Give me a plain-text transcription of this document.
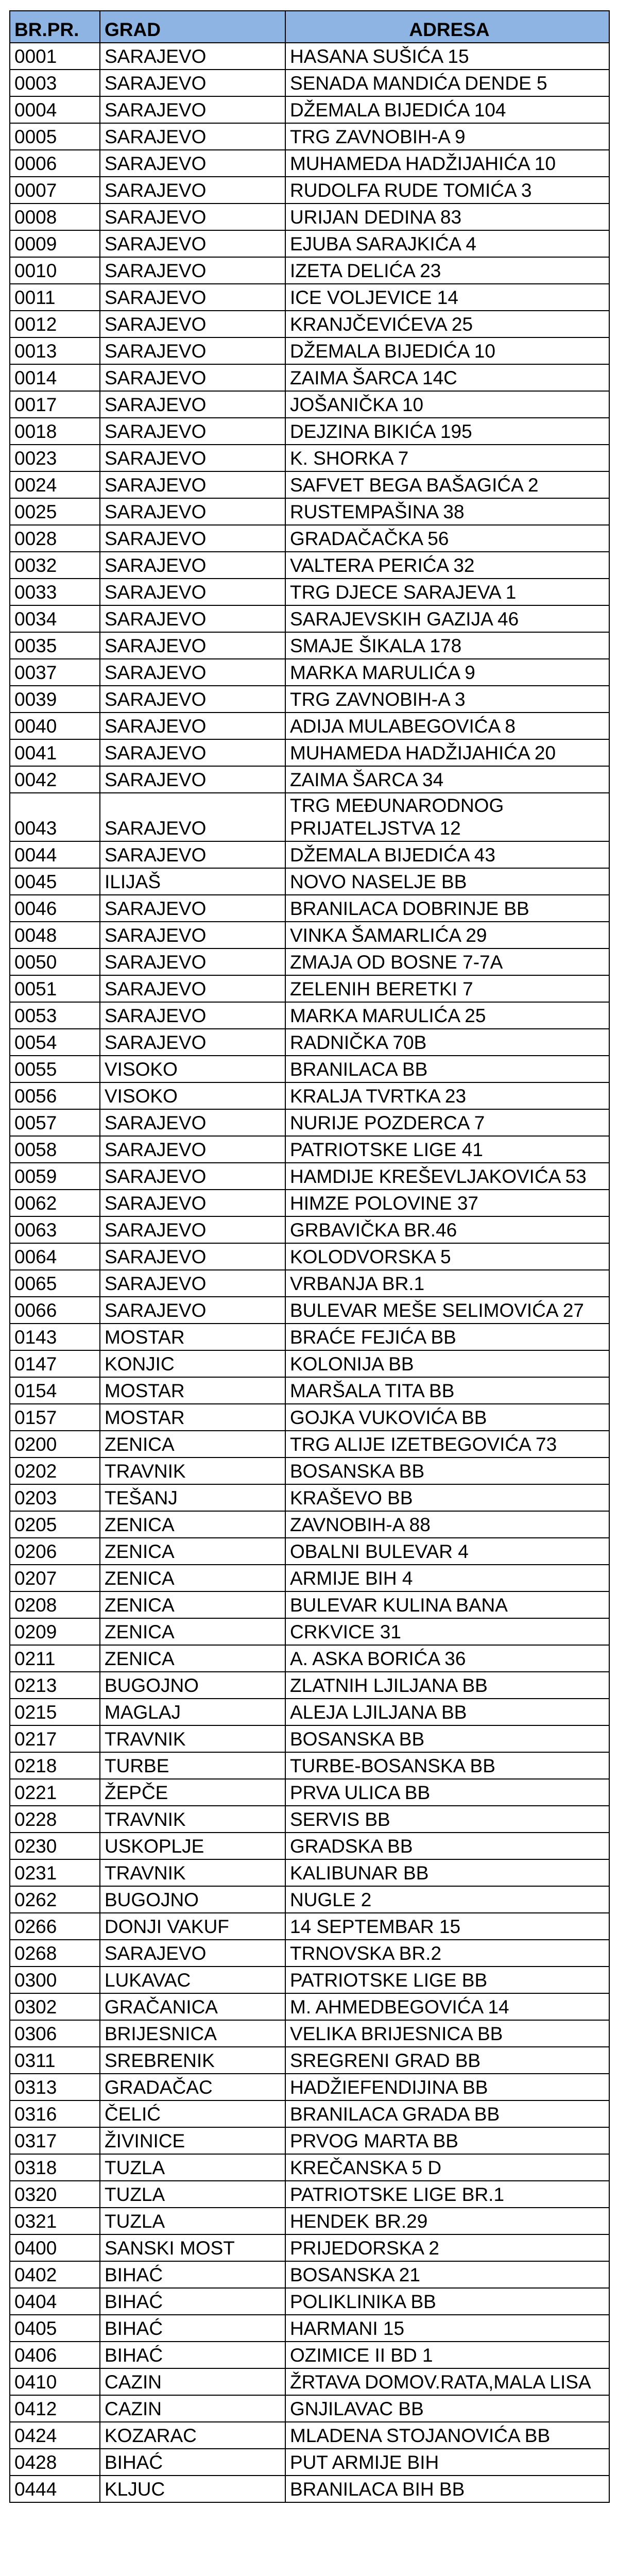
BR.PR.	GRAD	ADRESA
0001	SARAJEVO	HASANA SUŠIĆA 15
0003	SARAJEVO	SENADA MANDIĆA DENDE 5
0004	SARAJEVO	DŽEMALA BIJEDIĆA 104
0005	SARAJEVO	TRG ZAVNOBIH-A 9
0006	SARAJEVO	MUHAMEDA HADŽIJAHIĆA 10
0007	SARAJEVO	RUDOLFA RUDE TOMIĆA 3
0008	SARAJEVO	URIJAN DEDINA 83
0009	SARAJEVO	EJUBA SARAJKIĆA 4
0010	SARAJEVO	IZETA DELIĆA 23
0011	SARAJEVO	ICE VOLJEVICE 14
0012	SARAJEVO	KRANJČEVIĆEVA 25
0013	SARAJEVO	DŽEMALA BIJEDIĆA 10
0014	SARAJEVO	ZAIMA ŠARCA 14C
0017	SARAJEVO	JOŠANIČKA 10
0018	SARAJEVO	DEJZINA BIKIĆA 195
0023	SARAJEVO	K. SHORKA 7
0024	SARAJEVO	SAFVET BEGA BAŠAGIĆA 2
0025	SARAJEVO	RUSTEMPAŠINA 38
0028	SARAJEVO	GRADAČAČKA 56
0032	SARAJEVO	VALTERA PERIĆA 32
0033	SARAJEVO	TRG DJECE SARAJEVA 1
0034	SARAJEVO	SARAJEVSKIH GAZIJA 46
0035	SARAJEVO	SMAJE ŠIKALA 178
0037	SARAJEVO	MARKA MARULIĆA 9
0039	SARAJEVO	TRG ZAVNOBIH-A 3
0040	SARAJEVO	ADIJA MULABEGOVIĆA 8
0041	SARAJEVO	MUHAMEDA HADŽIJAHIĆA 20
0042	SARAJEVO	ZAIMA ŠARCA 34
0043	SARAJEVO	TRG MEĐUNARODNOG PRIJATELJSTVA 12
0044	SARAJEVO	DŽEMALA BIJEDIĆA 43
0045	ILIJAŠ	NOVO NASELJE BB
0046	SARAJEVO	BRANILACA DOBRINJE BB
0048	SARAJEVO	VINKA ŠAMARLIĆA 29
0050	SARAJEVO	ZMAJA OD BOSNE 7-7A
0051	SARAJEVO	ZELENIH BERETKI 7
0053	SARAJEVO	MARKA MARULIĆA 25
0054	SARAJEVO	RADNIČKA 70B
0055	VISOKO	BRANILACA BB
0056	VISOKO	KRALJA TVRTKA 23
0057	SARAJEVO	NURIJE POZDERCA 7
0058	SARAJEVO	PATRIOTSKE LIGE 41
0059	SARAJEVO	HAMDIJE KREŠEVLJAKOVIĆA 53
0062	SARAJEVO	HIMZE POLOVINE 37
0063	SARAJEVO	GRBAVIČKA BR.46
0064	SARAJEVO	KOLODVORSKA 5
0065	SARAJEVO	VRBANJA BR.1
0066	SARAJEVO	BULEVAR MEŠE SELIMOVIĆA 27
0143	MOSTAR	BRAĆE FEJIĆA BB
0147	KONJIC	KOLONIJA BB
0154	MOSTAR	MARŠALA TITA BB
0157	MOSTAR	GOJKA VUKOVIĆA BB
0200	ZENICA	TRG ALIJE IZETBEGOVIĆA 73
0202	TRAVNIK	BOSANSKA BB
0203	TEŠANJ	KRAŠEVO BB
0205	ZENICA	ZAVNOBIH-A 88
0206	ZENICA	OBALNI BULEVAR 4
0207	ZENICA	ARMIJE BIH 4
0208	ZENICA	BULEVAR KULINA BANA
0209	ZENICA	CRKVICE 31
0211	ZENICA	A. ASKA BORIĆA 36
0213	BUGOJNO	ZLATNIH LJILJANA BB
0215	MAGLAJ	ALEJA LJILJANA BB
0217	TRAVNIK	BOSANSKA BB
0218	TURBE	TURBE-BOSANSKA BB
0221	ŽEPČE	PRVA ULICA BB
0228	TRAVNIK	SERVIS BB
0230	USKOPLJE	GRADSKA BB
0231	TRAVNIK	KALIBUNAR BB
0262	BUGOJNO	NUGLE 2
0266	DONJI VAKUF	14 SEPTEMBAR 15
0268	SARAJEVO	TRNOVSKA BR.2
0300	LUKAVAC	PATRIOTSKE LIGE BB
0302	GRAČANICA	M. AHMEDBEGOVIĆA 14
0306	BRIJESNICA	VELIKA BRIJESNICA BB
0311	SREBRENIK	SREGRENI GRAD BB
0313	GRADAČAC	HADŽIEFENDIJINA BB
0316	ČELIĆ	BRANILACA GRADA BB
0317	ŽIVINICE	PRVOG MARTA BB
0318	TUZLA	KREČANSKA 5 D
0320	TUZLA	PATRIOTSKE LIGE BR.1
0321	TUZLA	HENDEK BR.29
0400	SANSKI MOST	PRIJEDORSKA 2
0402	BIHAĆ	BOSANSKA 21
0404	BIHAĆ	POLIKLINIKA BB
0405	BIHAĆ	HARMANI 15
0406	BIHAĆ	OZIMICE II BD 1
0410	CAZIN	ŽRTAVA DOMOV.RATA,MALA LISA
0412	CAZIN	GNJILAVAC BB
0424	KOZARAC	MLADENA STOJANOVIĆA BB
0428	BIHAĆ	PUT ARMIJE BIH
0444	KLJUC	BRANILACA BIH BB
